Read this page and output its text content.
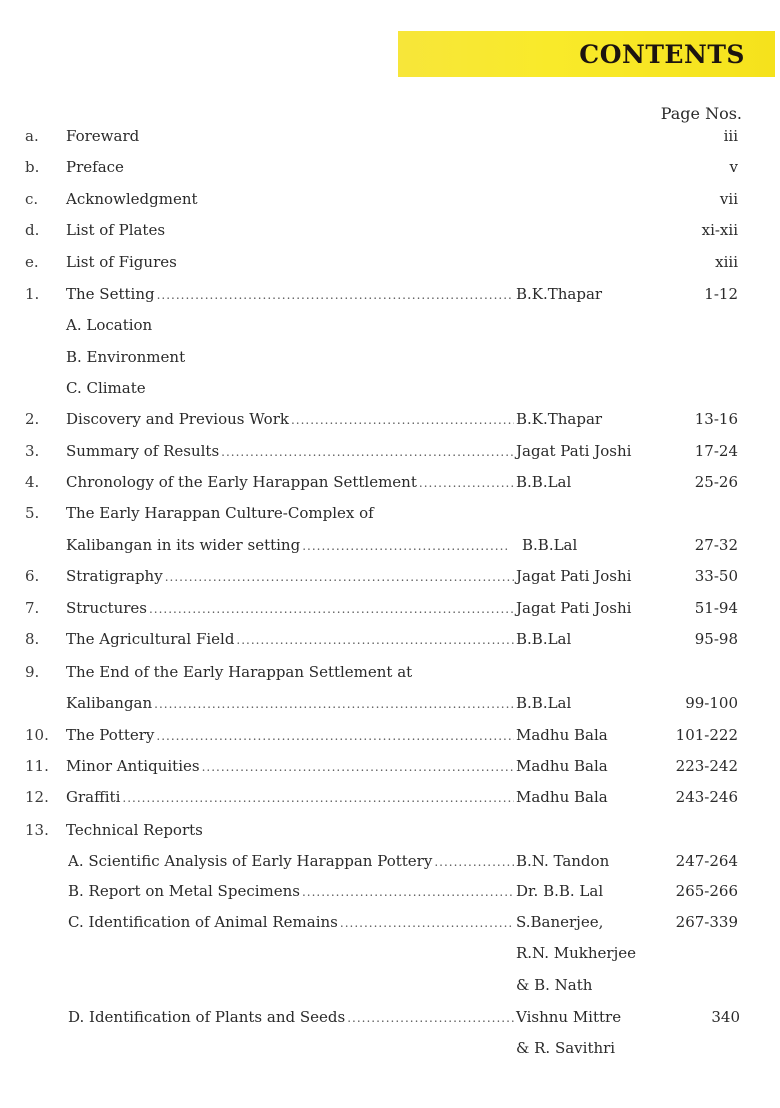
CONTENTS
Page Nos.
a. Foreward	iii
b. Preface	v
c. Acknowledgment	vii
d. List of Plates	xi-xii
e. List of Figures	xiii
1. The Setting .....	B.K.Thapar	1-12
A. Location
B. Environment
C. Climate
2. Discovery and Previous Work .....	B.K.Thapar	13-16
3. Summary of Results .....	Jagat Pati Joshi	17-24
4. Chronology of the Early Harappan Settlement .....	B.B.Lal	25-26
5. The Early Harappan Culture-Complex of
Kalibangan in its wider setting .....	B.B.Lal	27-32
6. Stratigraphy .....	Jagat Pati Joshi	33-50
7. Structures .....	Jagat Pati Joshi	51-94
8. The Agricultural Field .....	B.B.Lal	95-98
9. The End of the Early Harappan Settlement at
Kalibangan .....	B.B.Lal	99-100
10. The Pottery .....	Madhu Bala	101-222
11. Minor Antiquities .....	Madhu Bala	223-242
12. Graffiti .....	Madhu Bala	243-246
13. Technical Reports
A. Scientific Analysis of Early Harappan Pottery .....	B.N. Tandon	247-264
B. Report on Metal Specimens .....	Dr. B.B. Lal	265-266
C. Identification of Animal Remains .....	S.Banerjee,	267-339
R.N. Mukherjee
& B. Nath
D. Identification of Plants and Seeds .....	Vishnu Mittre	340
& R. Savithri
